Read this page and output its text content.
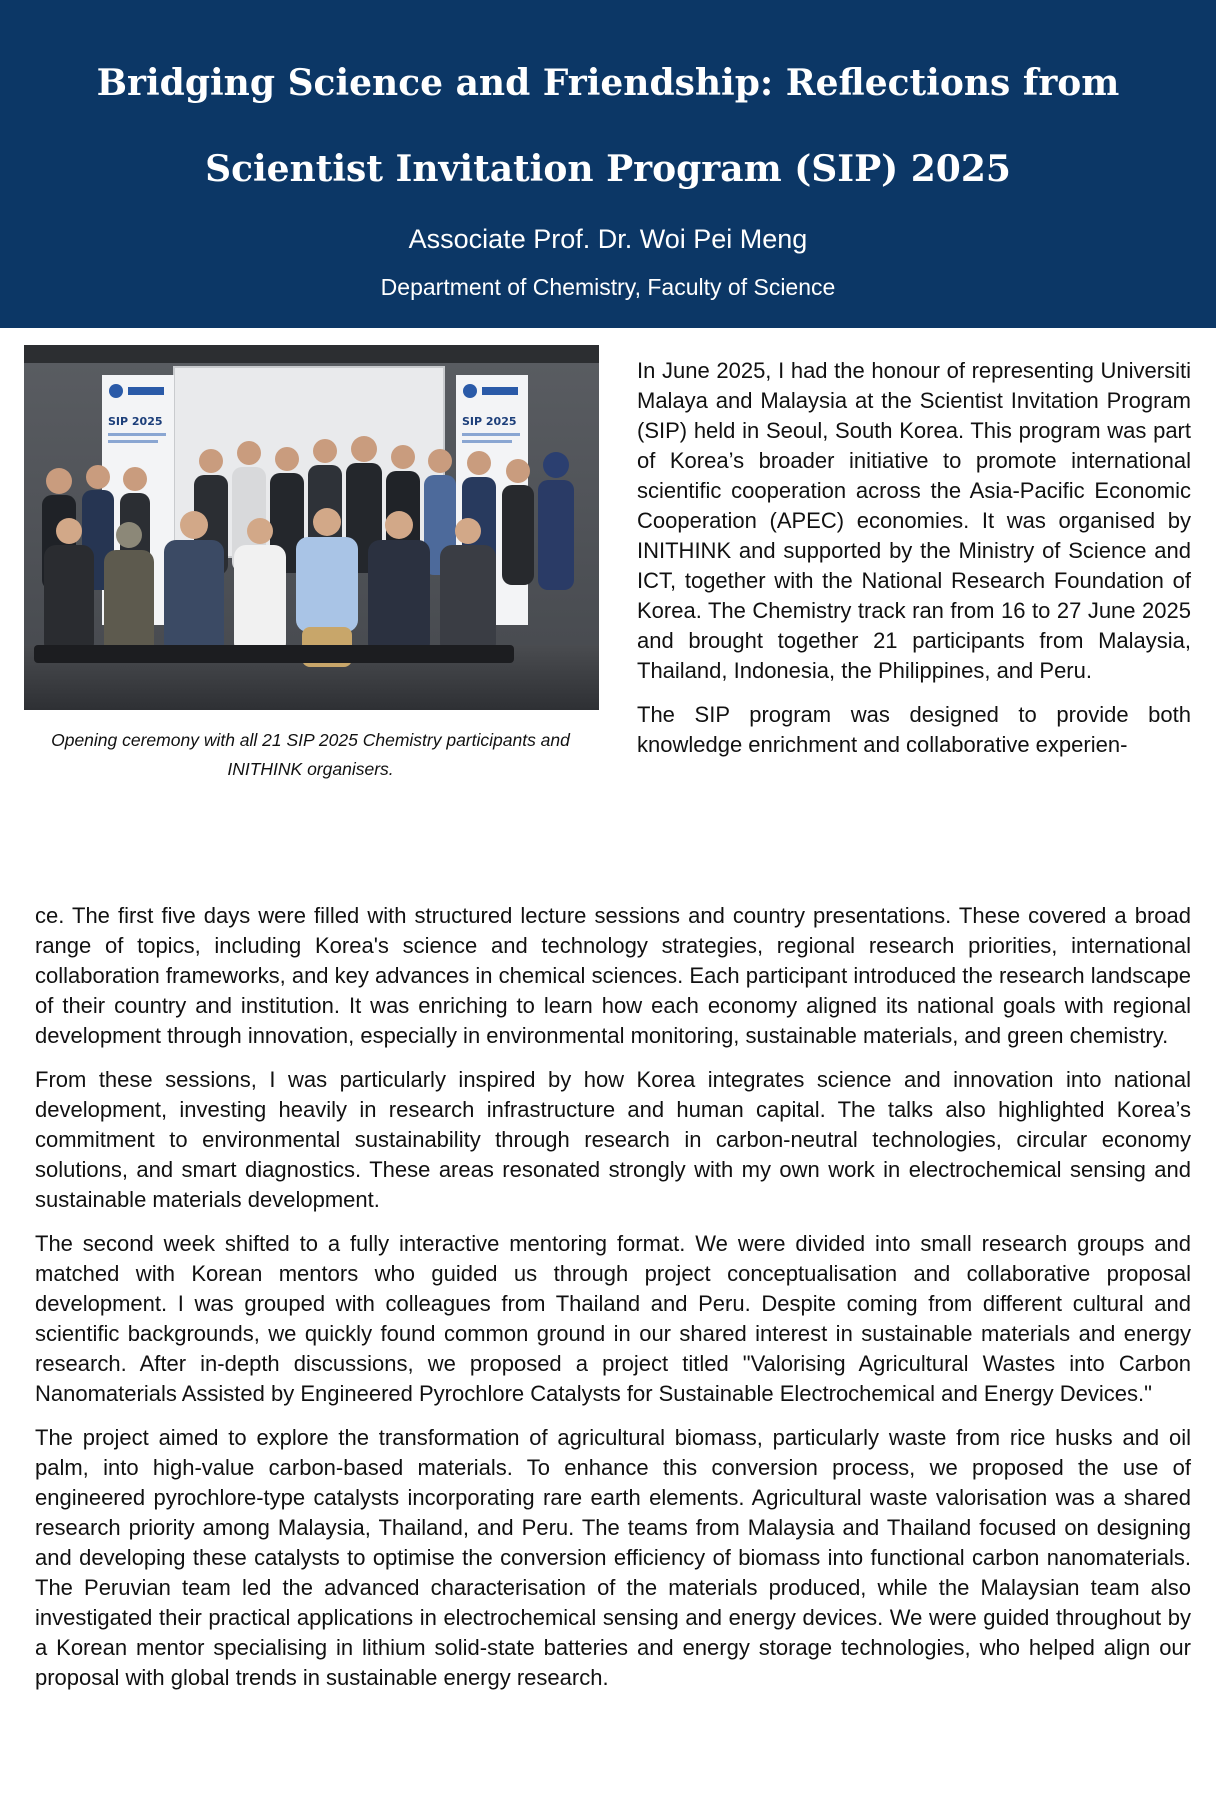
Bridging Science and Friendship: Reflections from Scientist Invitation Program (SIP) 2025
Associate Prof. Dr. Woi Pei Meng
Department of Chemistry, Faculty of Science
SIP 2025	SIP 2025
Opening ceremony with all 21 SIP 2025 Chemistry participants and INITHINK organisers.

In June 2025, I had the honour of representing Universiti Malaya and Malaysia at the Scientist Invitation Program (SIP) held in Seoul, South Korea. This program was part of Korea’s broader initiative to promote international scientific cooperation across the Asia-Pacific Economic Cooperation (APEC) economies. It was organised by INITHINK and supported by the Ministry of Science and ICT, together with the National Research Foundation of Korea. The Chemistry track ran from 16 to 27 June 2025 and brought together 21 participants from Malaysia, Thailand, Indonesia, the Philippines, and Peru.

The SIP program was designed to provide both knowledge enrichment and collaborative experien-

ce. The first five days were filled with structured lecture sessions and country presentations. These covered a broad range of topics, including Korea's science and technology strategies, regional research priorities, international collaboration frameworks, and key advances in chemical sciences. Each participant introduced the research landscape of their country and institution. It was enriching to learn how each economy aligned its national goals with regional development through innovation, especially in environmental monitoring, sustainable materials, and green chemistry.

From these sessions, I was particularly inspired by how Korea integrates science and innovation into national development, investing heavily in research infrastructure and human capital. The talks also highlighted Korea’s commitment to environmental sustainability through research in carbon-neutral technologies, circular economy solutions, and smart diagnostics. These areas resonated strongly with my own work in electrochemical sensing and sustainable materials development.

The second week shifted to a fully interactive mentoring format. We were divided into small research groups and matched with Korean mentors who guided us through project conceptualisation and collaborative proposal development. I was grouped with colleagues from Thailand and Peru. Despite coming from different cultural and scientific backgrounds, we quickly found common ground in our shared interest in sustainable materials and energy research. After in-depth discussions, we proposed a project titled "Valorising Agricultural Wastes into Carbon Nanomaterials Assisted by Engineered Pyrochlore Catalysts for Sustainable Electrochemical and Energy Devices."

The project aimed to explore the transformation of agricultural biomass, particularly waste from rice husks and oil palm, into high-value carbon-based materials. To enhance this conversion process, we proposed the use of engineered pyrochlore-type catalysts incorporating rare earth elements. Agricultural waste valorisation was a shared research priority among Malaysia, Thailand, and Peru. The teams from Malaysia and Thailand focused on designing and developing these catalysts to optimise the conversion efficiency of biomass into functional carbon nanomaterials. The Peruvian team led the advanced characterisation of the materials produced, while the Malaysian team also investigated their practical applications in electrochemical sensing and energy devices. We were guided throughout by a Korean mentor specialising in lithium solid-state batteries and energy storage technologies, who helped align our proposal with global trends in sustainable energy research.
